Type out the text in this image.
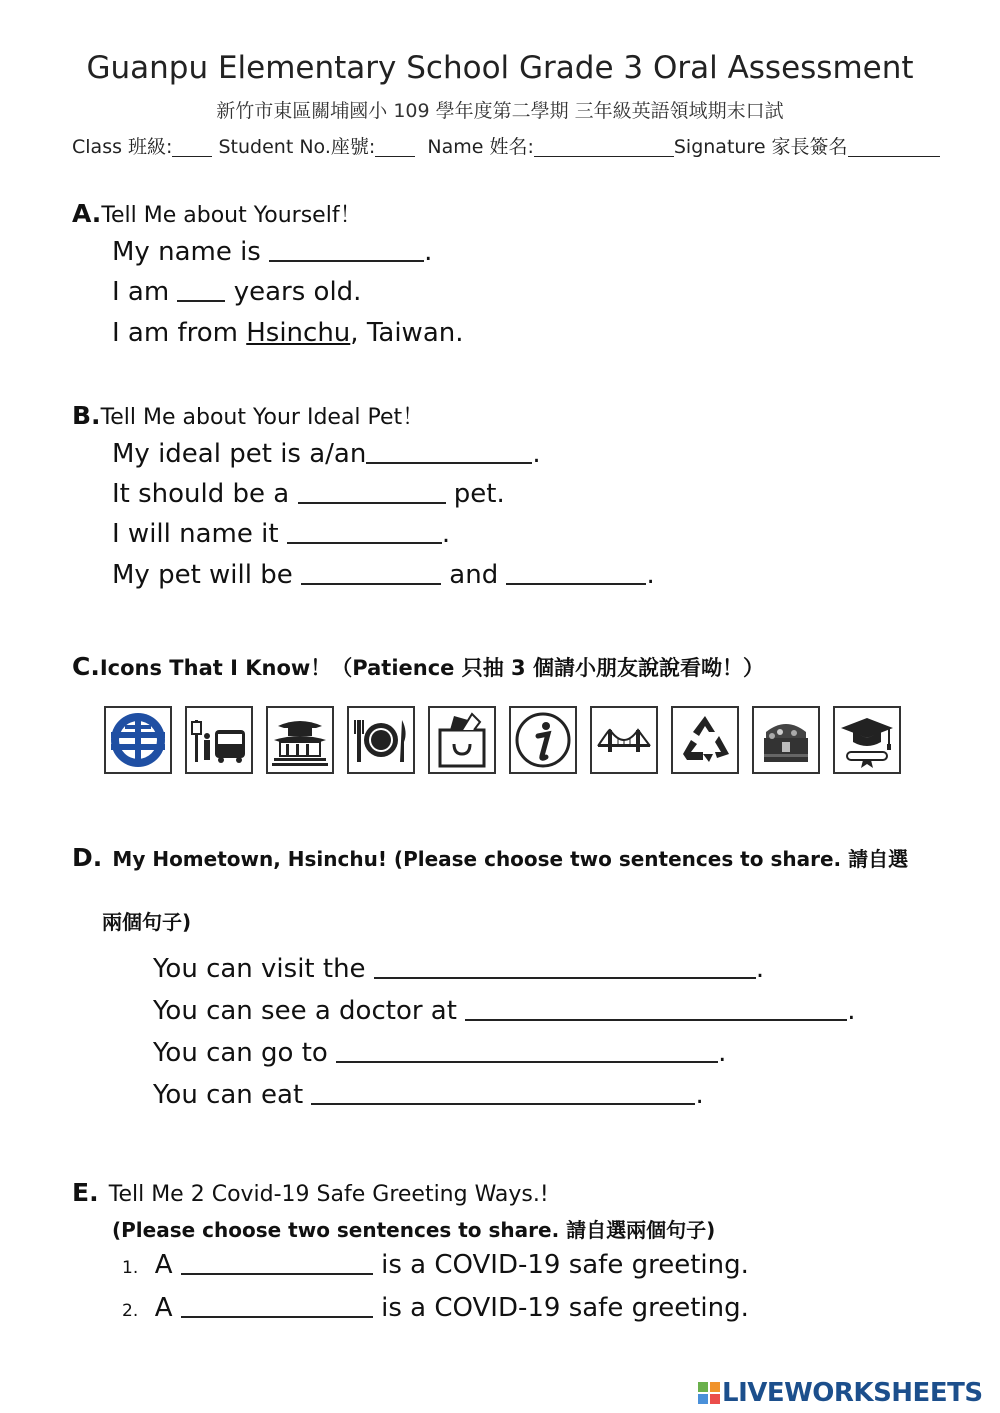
Guanpu Elementary School Grade 3 Oral Assessment
新竹市東區關埔國小 109 學年度第二學期 三年級英語領域期末口試
Class 班級: Student No.座號:	Name 姓名:	Signature 家長簽名
A.Tell Me about Yourself！
My name is	.
I am  years old.
I am from Hsinchu, Taiwan.
B.Tell Me about Your Ideal Pet！
My ideal pet is a/an	.
It should be a	pet.
I will name it	.
My pet will be	and	.
C.Icons That I Know！（Patience 只抽 3 個請小朋友說說看呦！）
D. My Hometown, Hsinchu! (Please choose two sentences to share. 請自選
兩個句子)
You can visit the	.
You can see a doctor at	.
You can go to	.
You can eat	.
E. Tell Me 2 Covid-19 Safe Greeting Ways.!
(Please choose two sentences to share. 請自選兩個句子)
1. A	is a COVID-19 safe greeting.
2. A	is a COVID-19 safe greeting.
LIVEWORKSHEETS
